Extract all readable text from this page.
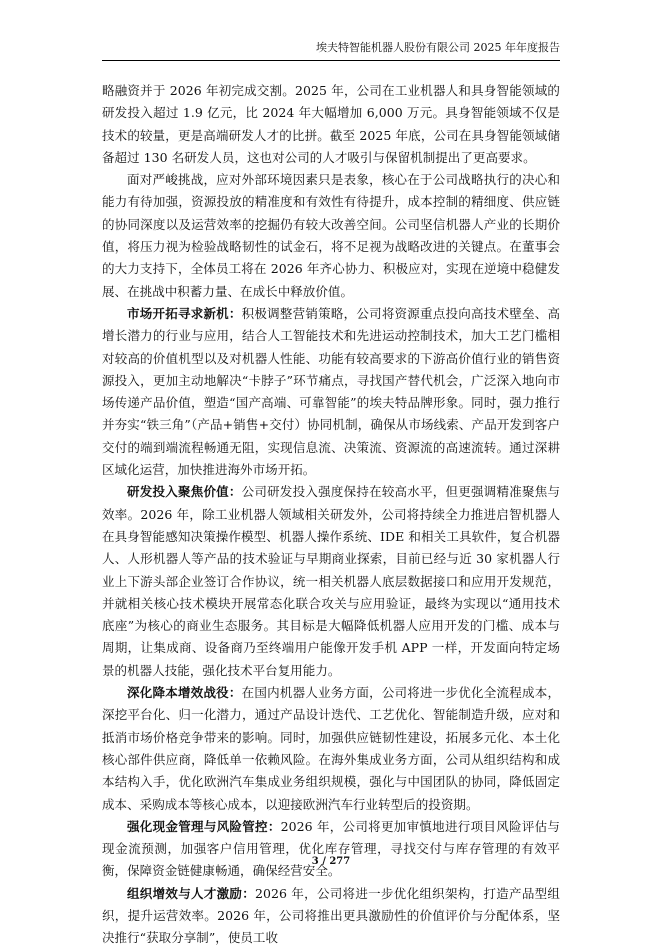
埃夫特智能机器人股份有限公司 2025 年年度报告

略融资并于 2026 年初完成交割。2025 年，公司在工业机器人和具身智能领域的研发投入超过 1.9 亿元，比 2024 年大幅增加 6,000 万元。具身智能领域不仅是技术的较量，更是高端研发人才的比拼。截至 2025 年底，公司在具身智能领域储备超过 130 名研发人员，这也对公司的人才吸引与保留机制提出了更高要求。

面对严峻挑战，应对外部环境因素只是表象，核心在于公司战略执行的决心和能力有待加强，资源投放的精准度和有效性有待提升，成本控制的精细度、供应链的协同深度以及运营效率的挖掘仍有较大改善空间。公司坚信机器人产业的长期价值，将压力视为检验战略韧性的试金石，将不足视为战略改进的关键点。在董事会的大力支持下，全体员工将在 2026 年齐心协力、积极应对，实现在逆境中稳健发展、在挑战中积蓄力量、在成长中释放价值。

市场开拓寻求新机：积极调整营销策略，公司将资源重点投向高技术壁垒、高增长潜力的行业与应用，结合人工智能技术和先进运动控制技术，加大工艺门槛相对较高的价值机型以及对机器人性能、功能有较高要求的下游高价值行业的销售资源投入，更加主动地解决“卡脖子”环节痛点，寻找国产替代机会，广泛深入地向市场传递产品价值，塑造“国产高端、可靠智能”的埃夫特品牌形象。同时，强力推行并夯实“铁三角”（产品+销售+交付）协同机制，确保从市场线索、产品开发到客户交付的端到端流程畅通无阻，实现信息流、决策流、资源流的高速流转。通过深耕区域化运营，加快推进海外市场开拓。

研发投入聚焦价值：公司研发投入强度保持在较高水平，但更强调精准聚焦与效率。2026 年，除工业机器人领域相关研发外，公司将持续全力推进启智机器人在具身智能感知决策操作模型、机器人操作系统、IDE 和相关工具软件，复合机器人、人形机器人等产品的技术验证与早期商业探索，目前已经与近 30 家机器人行业上下游头部企业签订合作协议，统一相关机器人底层数据接口和应用开发规范，并就相关核心技术模块开展常态化联合攻关与应用验证，最终为实现以“通用技术底座”为核心的商业生态服务。其目标是大幅降低机器人应用开发的门槛、成本与周期，让集成商、设备商乃至终端用户能像开发手机 APP 一样，开发面向特定场景的机器人技能，强化技术平台复用能力。

深化降本增效战役：在国内机器人业务方面，公司将进一步优化全流程成本，深挖平台化、归一化潜力，通过产品设计迭代、工艺优化、智能制造升级，应对和抵消市场价格竞争带来的影响。同时，加强供应链韧性建设，拓展多元化、本土化核心部件供应商，降低单一依赖风险。在海外集成业务方面，公司从组织结构和成本结构入手，优化欧洲汽车集成业务组织规模，强化与中国团队的协同，降低固定成本、采购成本等核心成本，以迎接欧洲汽车行业转型后的投资期。

强化现金管理与风险管控：2026 年，公司将更加审慎地进行项目风险评估与现金流预测，加强客户信用管理，优化库存管理，寻找交付与库存管理的有效平衡，保障资金链健康畅通，确保经营安全。

组织增效与人才激励：2026 年，公司将进一步优化组织架构，打造产品型组织，提升运营效率。2026 年，公司将推出更具激励性的价值评价与分配体系，坚决推行“获取分享制”，使员工收

3 / 277
